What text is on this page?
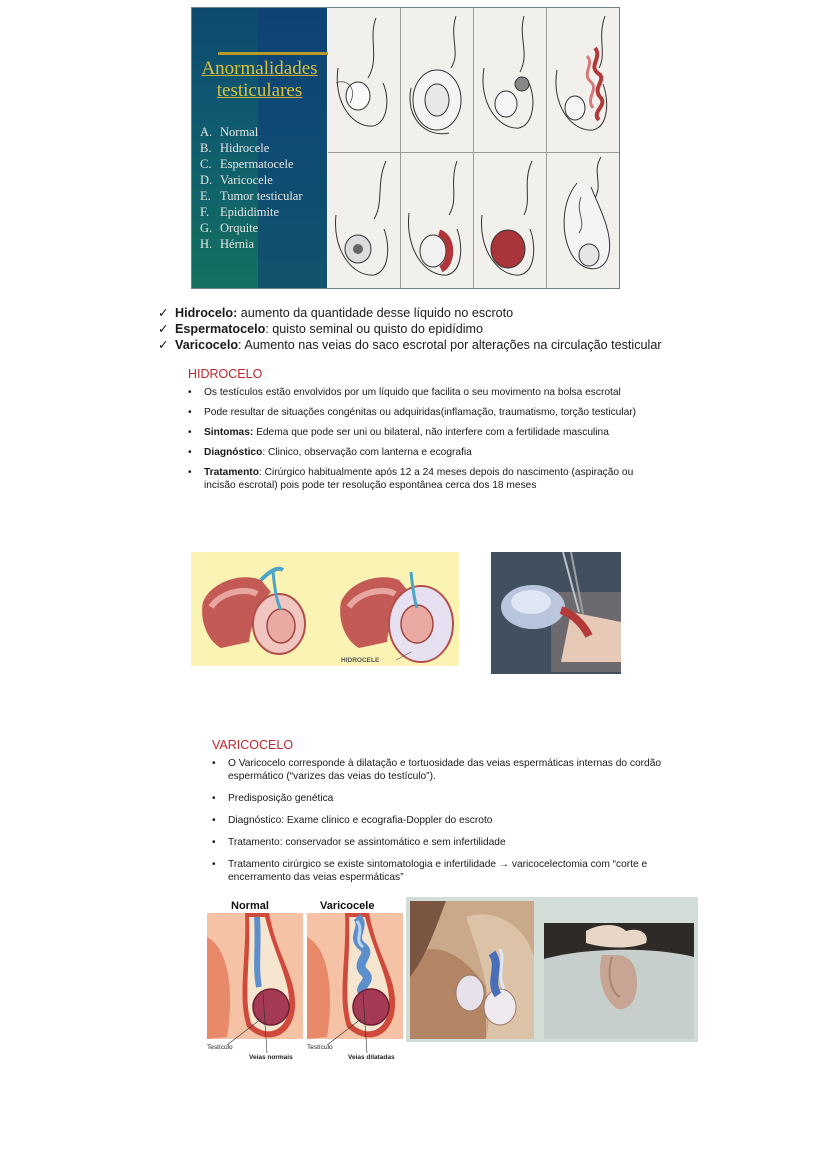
Anormalidades
testiculares
A. Normal
B. Hidrocele
C. Espermatocele
D. Varicocele
E. Tumor testicular
F. Epididimite
G. Orquite
H. Hérnia
✓ Hidrocelo: aumento da quantidade desse líquido no escroto
✓ Espermatocelo: quisto seminal ou quisto do epidídimo
✓ Varicocelo: Aumento nas veias do saco escrotal por alterações na circulação testicular
HIDROCELO
•	Os testículos estão envolvidos por um líquido que facilita o seu movimento na bolsa escrotal
•	Pode resultar de situações congénitas ou adquiridas(inflamação, traumatismo, torção testicular)
•	Sintomas: Edema que pode ser uni ou bilateral, não interfere com a fertilidade masculina
•	Diagnóstico: Clinico, observação com lanterna e ecografia
•	Tratamento: Cirúrgico habitualmente após 12 a 24 meses depois do nascimento (aspiração ou incisão escrotal) pois pode ter resolução espontânea cerca dos 18 meses
HIDROCELE
VARICOCELO
•	O Varicocelo corresponde à dilatação e tortuosidade das veias espermáticas internas do cordão espermático (“varizes das veias do testículo”).
•	Predisposição genética
•	Diagnóstico: Exame clinico e ecografia-Doppler do escroto
•	Tratamento: conservador se assintomático e sem infertilidade
•	Tratamento cirúrgico se existe sintomatologia e infertilidade → varicocelectomia com “corte e encerramento das veias espermáticas”
Normal	Varicocele
Testículo
Veias normais
Testículo
Veias dilatadas
